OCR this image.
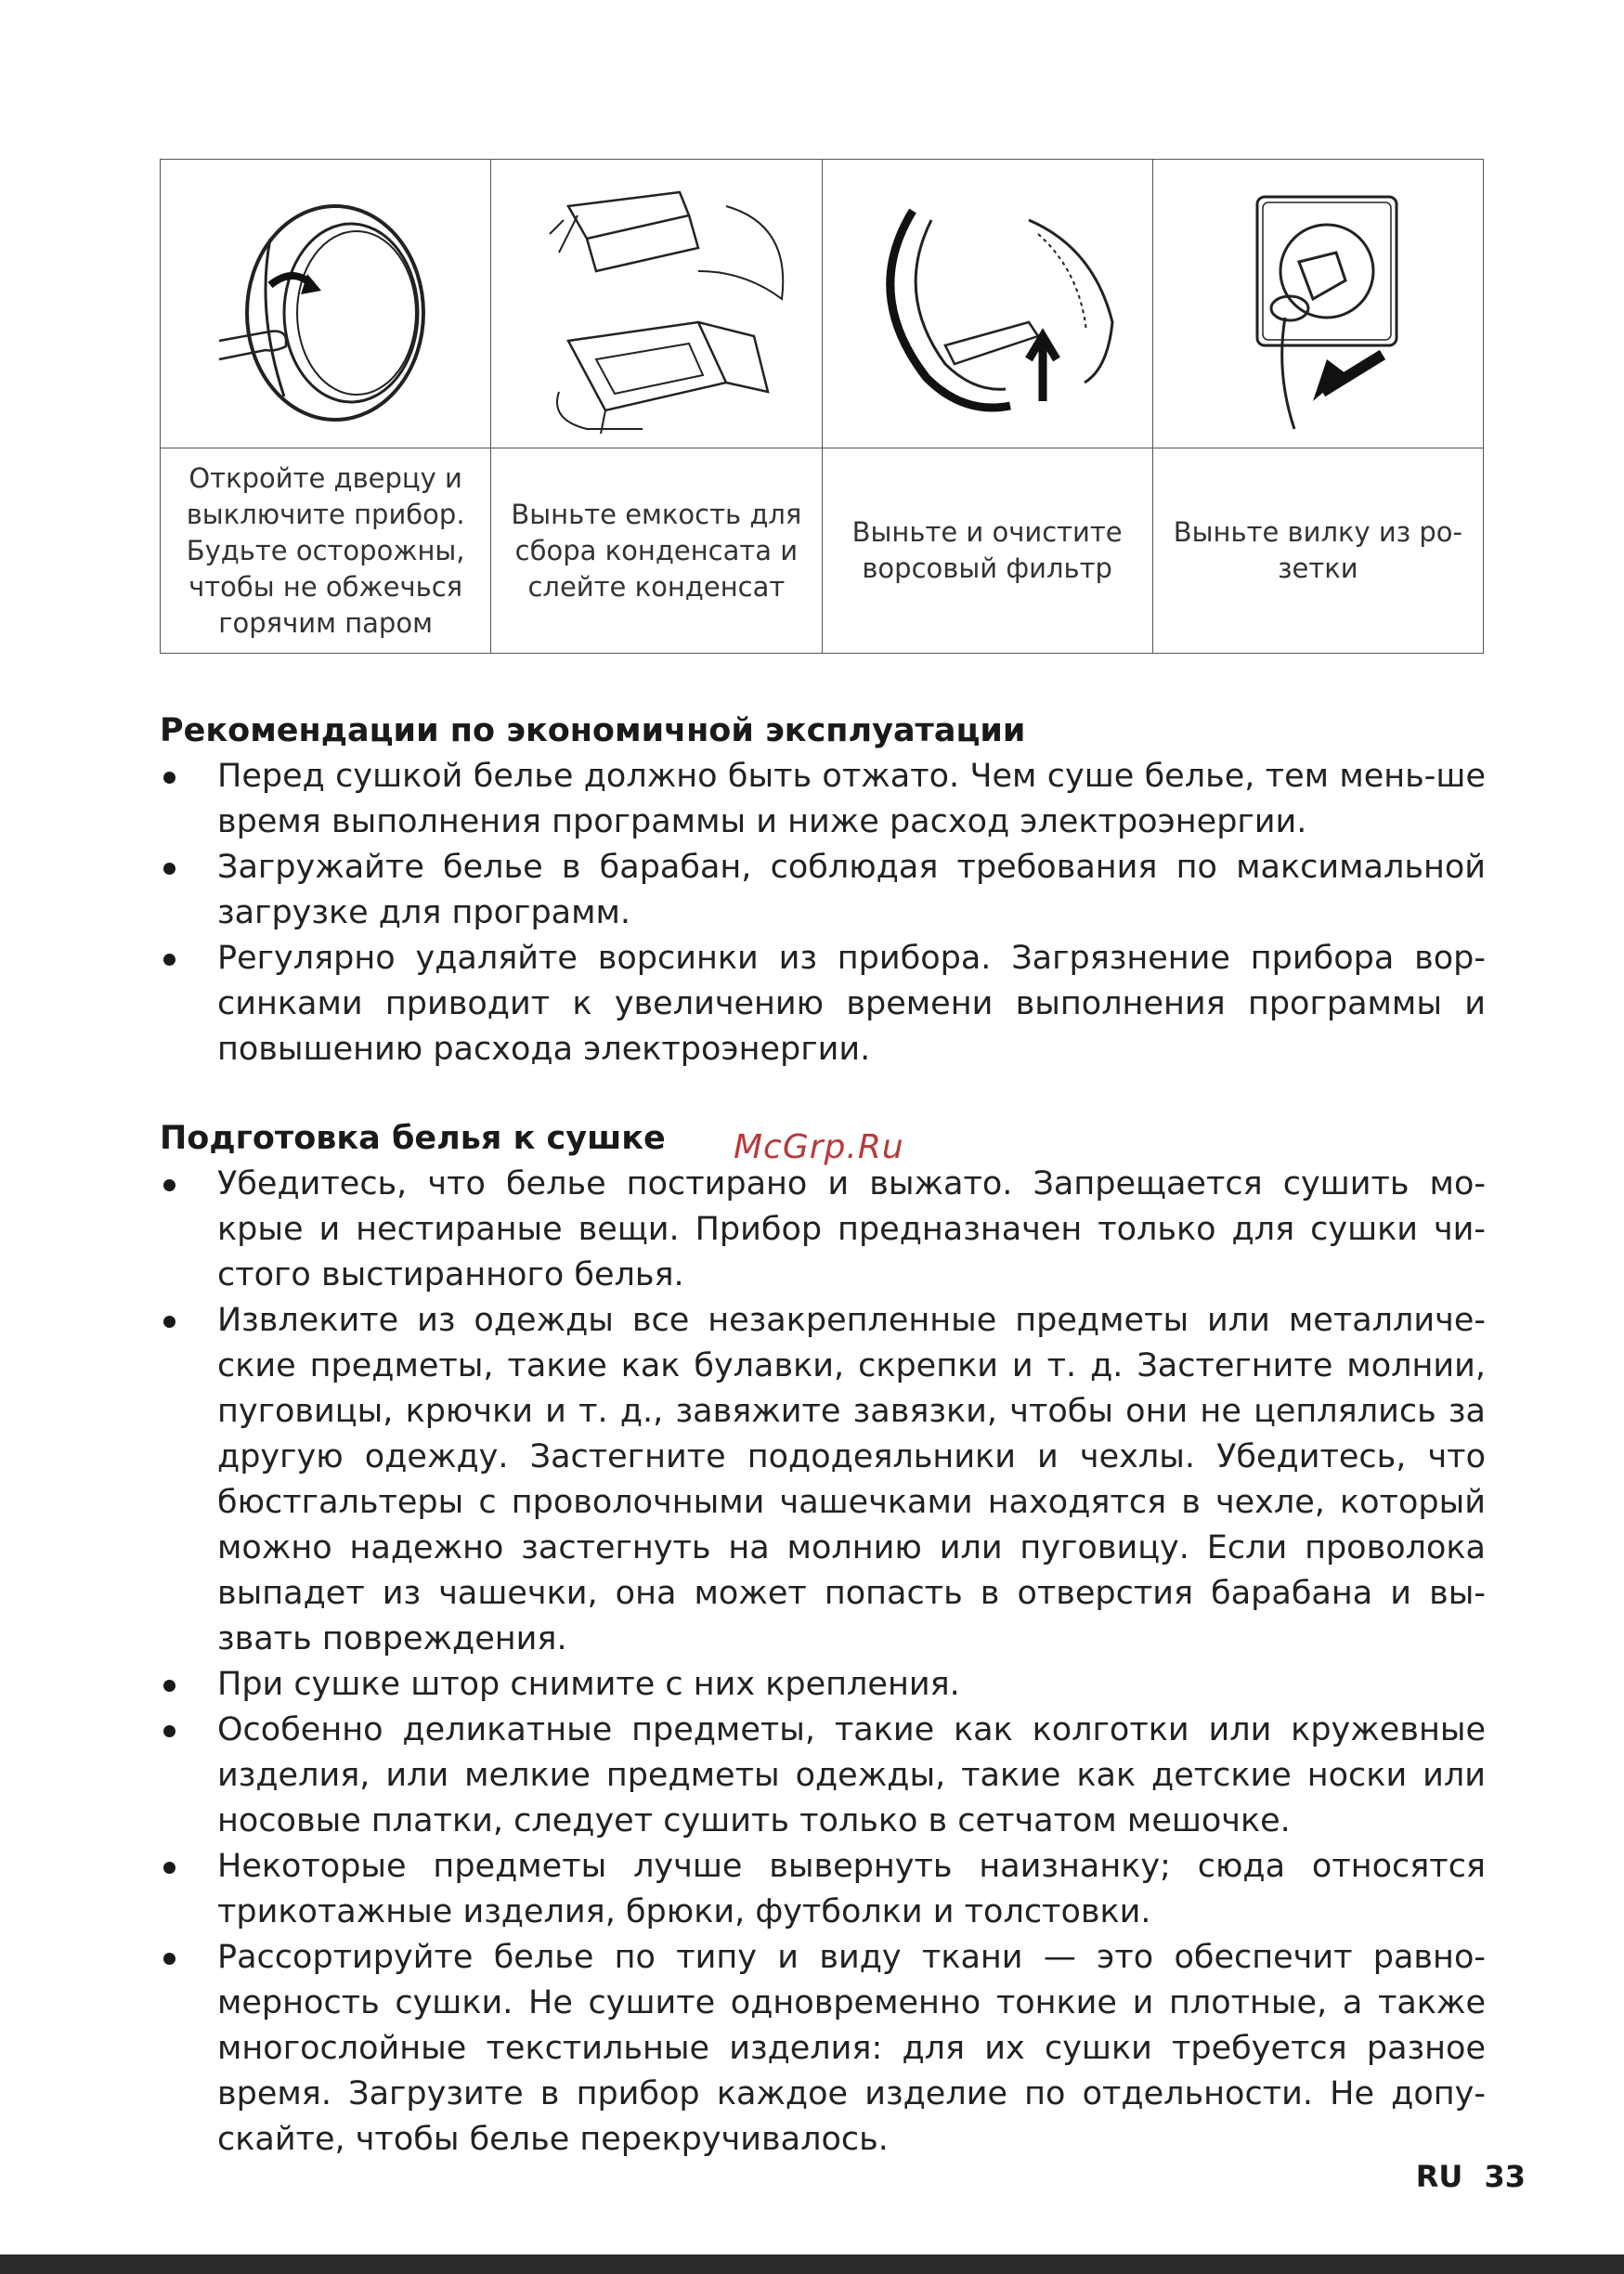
Откройте дверцу и выключите прибор. Будьте осторожны, чтобы не обжечься горячим паром	Выньте емкость для сбора конденсата и слейте конденсат	Выньте и очистите ворсовый фильтр	Выньте вилку из ро-зетки
Рекомендации по экономичной эксплуатации
Перед сушкой белье должно быть отжато. Чем суше белье, тем мень-ше время выполнения программы и ниже расход электроэнергии.
Загружайте белье в барабан, соблюдая требования по максимальной загрузке для программ.
Регулярно удаляйте ворсинки из прибора. Загрязнение прибора вор-синками приводит к увеличению времени выполнения программы и повышению расхода электроэнергии.
Подготовка белья к сушке McGrp.Ru
Убедитесь, что белье постирано и выжато. Запрещается сушить мо-крые и нестираные вещи. Прибор предназначен только для сушки чи-стого выстиранного белья.
Извлеките из одежды все незакрепленные предметы или металличе-ские предметы, такие как булавки, скрепки и т. д. Застегните молнии, пуговицы, крючки и т. д., завяжите завязки, чтобы они не цеплялись за другую одежду. Застегните пододеяльники и чехлы. Убедитесь, что бюстгальтеры с проволочными чашечками находятся в чехле, который можно надежно застегнуть на молнию или пуговицу. Если проволока выпадет из чашечки, она может попасть в отверстия барабана и вы-звать повреждения.
При сушке штор снимите с них крепления.
Особенно деликатные предметы, такие как колготки или кружевные изделия, или мелкие предметы одежды, такие как детские носки или носовые платки, следует сушить только в сетчатом мешочке.
Некоторые предметы лучше вывернуть наизнанку; сюда относятся трикотажные изделия, брюки, футболки и толстовки.
Рассортируйте белье по типу и виду ткани — это обеспечит равно-мерность сушки. Не сушите одновременно тонкие и плотные, а также многослойные текстильные изделия: для их сушки требуется разное время. Загрузите в прибор каждое изделие по отдельности. Не допу-скайте, чтобы белье перекручивалось.
RU 33
